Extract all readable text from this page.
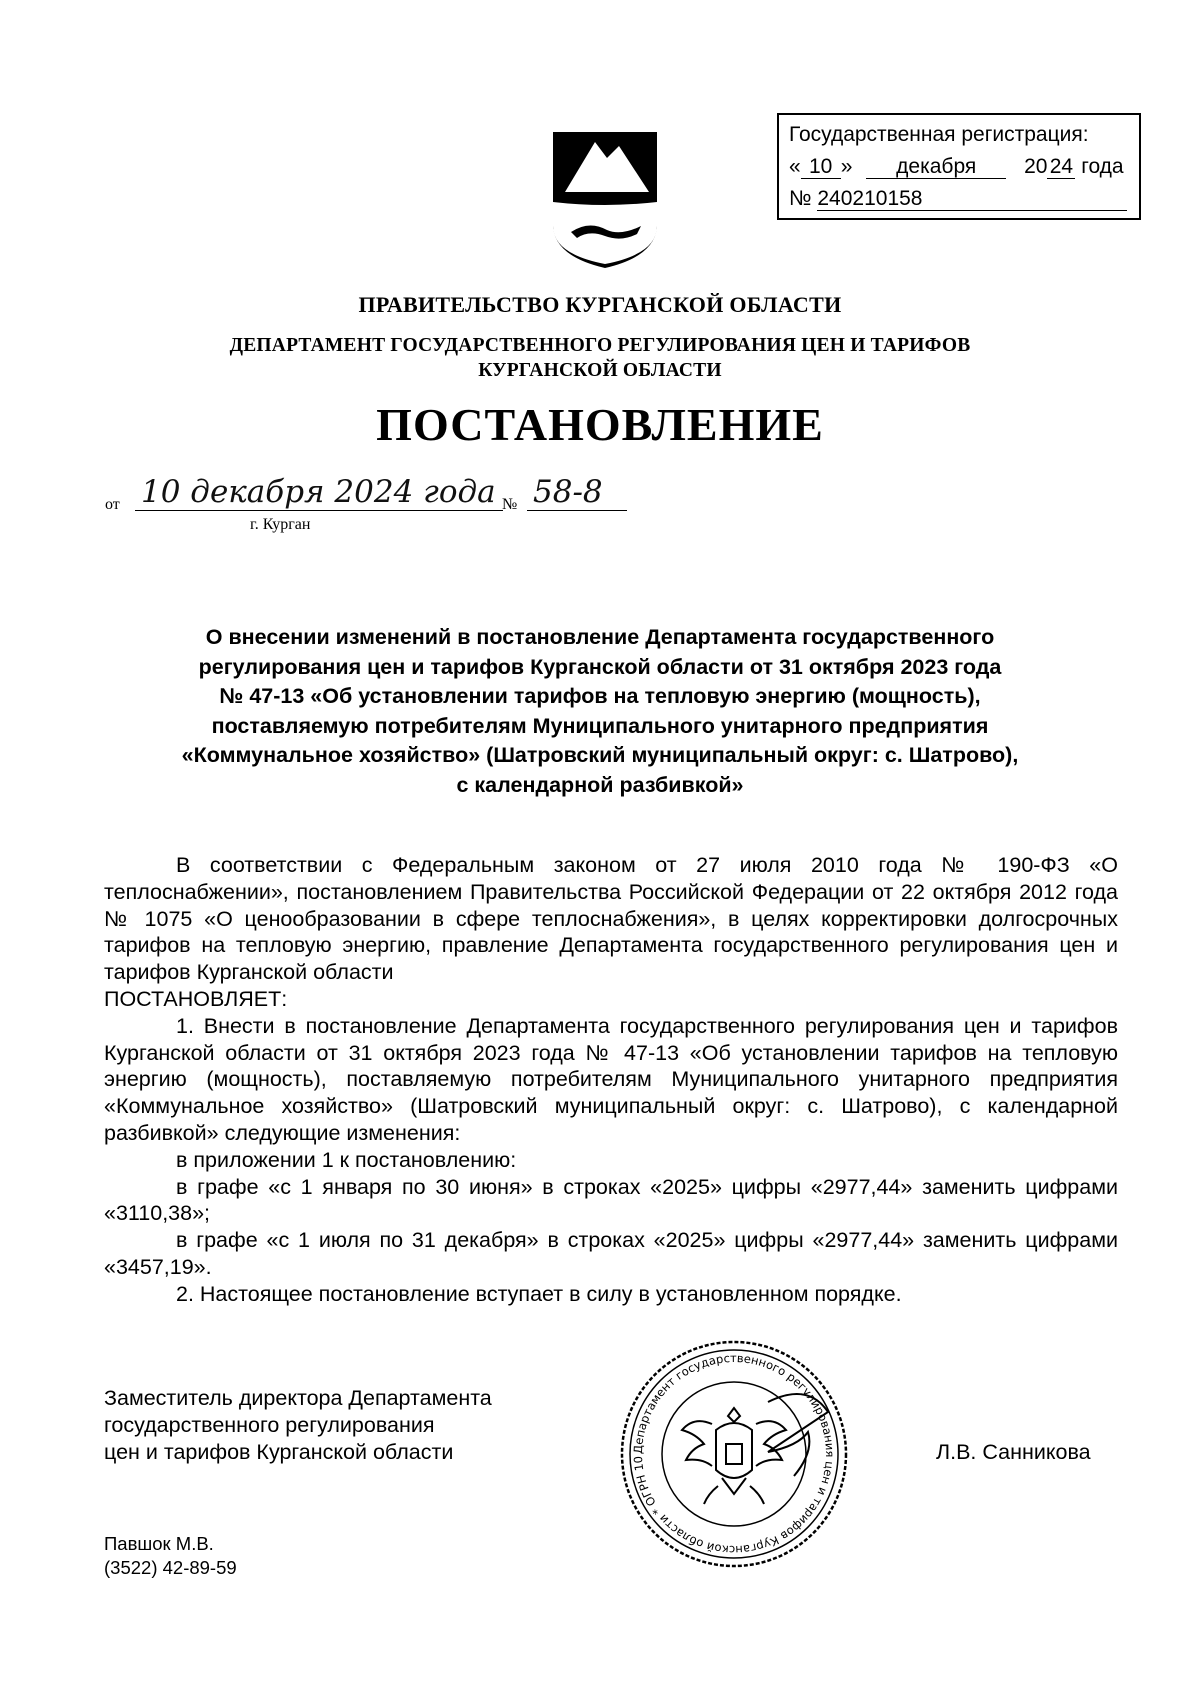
Государственная регистрация:
« 10 » декабря 20 24 года
№ 240210158
ПРАВИТЕЛЬСТВО КУРГАНСКОЙ ОБЛАСТИ
ДЕПАРТАМЕНТ ГОСУДАРСТВЕННОГО РЕГУЛИРОВАНИЯ ЦЕН И ТАРИФОВ
КУРГАНСКОЙ ОБЛАСТИ
ПОСТАНОВЛЕНИЕ
от 10 декабря 2024 года № 58-8
г. Курган
О внесении изменений в постановление Департамента государственного
регулирования цен и тарифов Курганской области от 31 октября 2023 года
№ 47-13 «Об установлении тарифов на тепловую энергию (мощность),
поставляемую потребителям Муниципального унитарного предприятия
«Коммунальное хозяйство» (Шатровский муниципальный округ: с. Шатрово),
с календарной разбивкой»

В соответствии с Федеральным законом от 27 июля 2010 года № 190-ФЗ «О теплоснабжении», постановлением Правительства Российской Федерации от 22 октября 2012 года № 1075 «О ценообразовании в сфере теплоснабжения», в целях корректировки долгосрочных тарифов на тепловую энергию, правление Департамента государственного регулирования цен и тарифов Курганской области

ПОСТАНОВЛЯЕТ:

1. Внести в постановление Департамента государственного регулирования цен и тарифов Курганской области от 31 октября 2023 года № 47-13 «Об установлении тарифов на тепловую энергию (мощность), поставляемую потребителям Муниципального унитарного предприятия «Коммунальное хозяйство» (Шатровский муниципальный округ: с. Шатрово), с календарной разбивкой» следующие изменения:

в приложении 1 к постановлению:

в графе «с 1 января по 30 июня» в строках «2025» цифры «2977,44» заменить цифрами «3110,38»;

в графе «с 1 июля по 31 декабря» в строках «2025» цифры «2977,44» заменить цифрами «3457,19».

2. Настоящее постановление вступает в силу в установленном порядке.

Заместитель директора Департамента
государственного регулирования
цен и тарифов Курганской области	Департамент государственного регулирования цен и тарифов Курганской области * ОГРН 10	Л.В. Санникова
Павшок М.В.
(3522) 42-89-59
